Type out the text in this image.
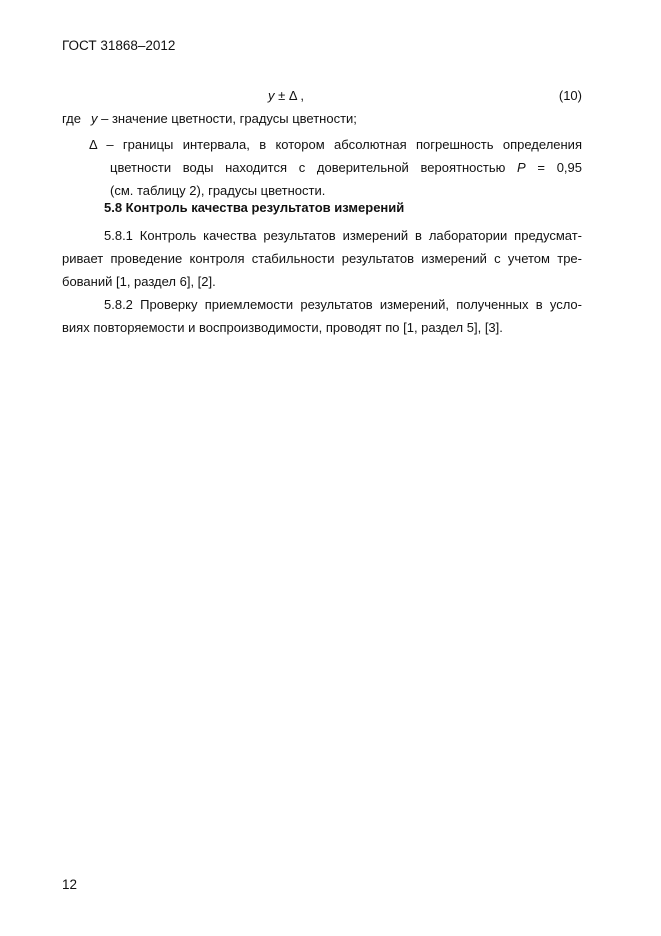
ГОСТ 31868–2012
y ± Δ ,	(10)
где y – значение цветности, градусы цветности;
Δ – границы интервала, в котором абсолютная погрешность определения
цветности воды находится с доверительной вероятностью P = 0,95
(см. таблицу 2), градусы цветности.
5.8 Контроль качества результатов измерений
5.8.1 Контроль качества результатов измерений в лаборатории предусмат-
ривает проведение контроля стабильности результатов измерений с учетом тре-
бований [1, раздел 6], [2].
5.8.2 Проверку приемлемости результатов измерений, полученных в усло-
виях повторяемости и воспроизводимости, проводят по [1, раздел 5], [3].
12
